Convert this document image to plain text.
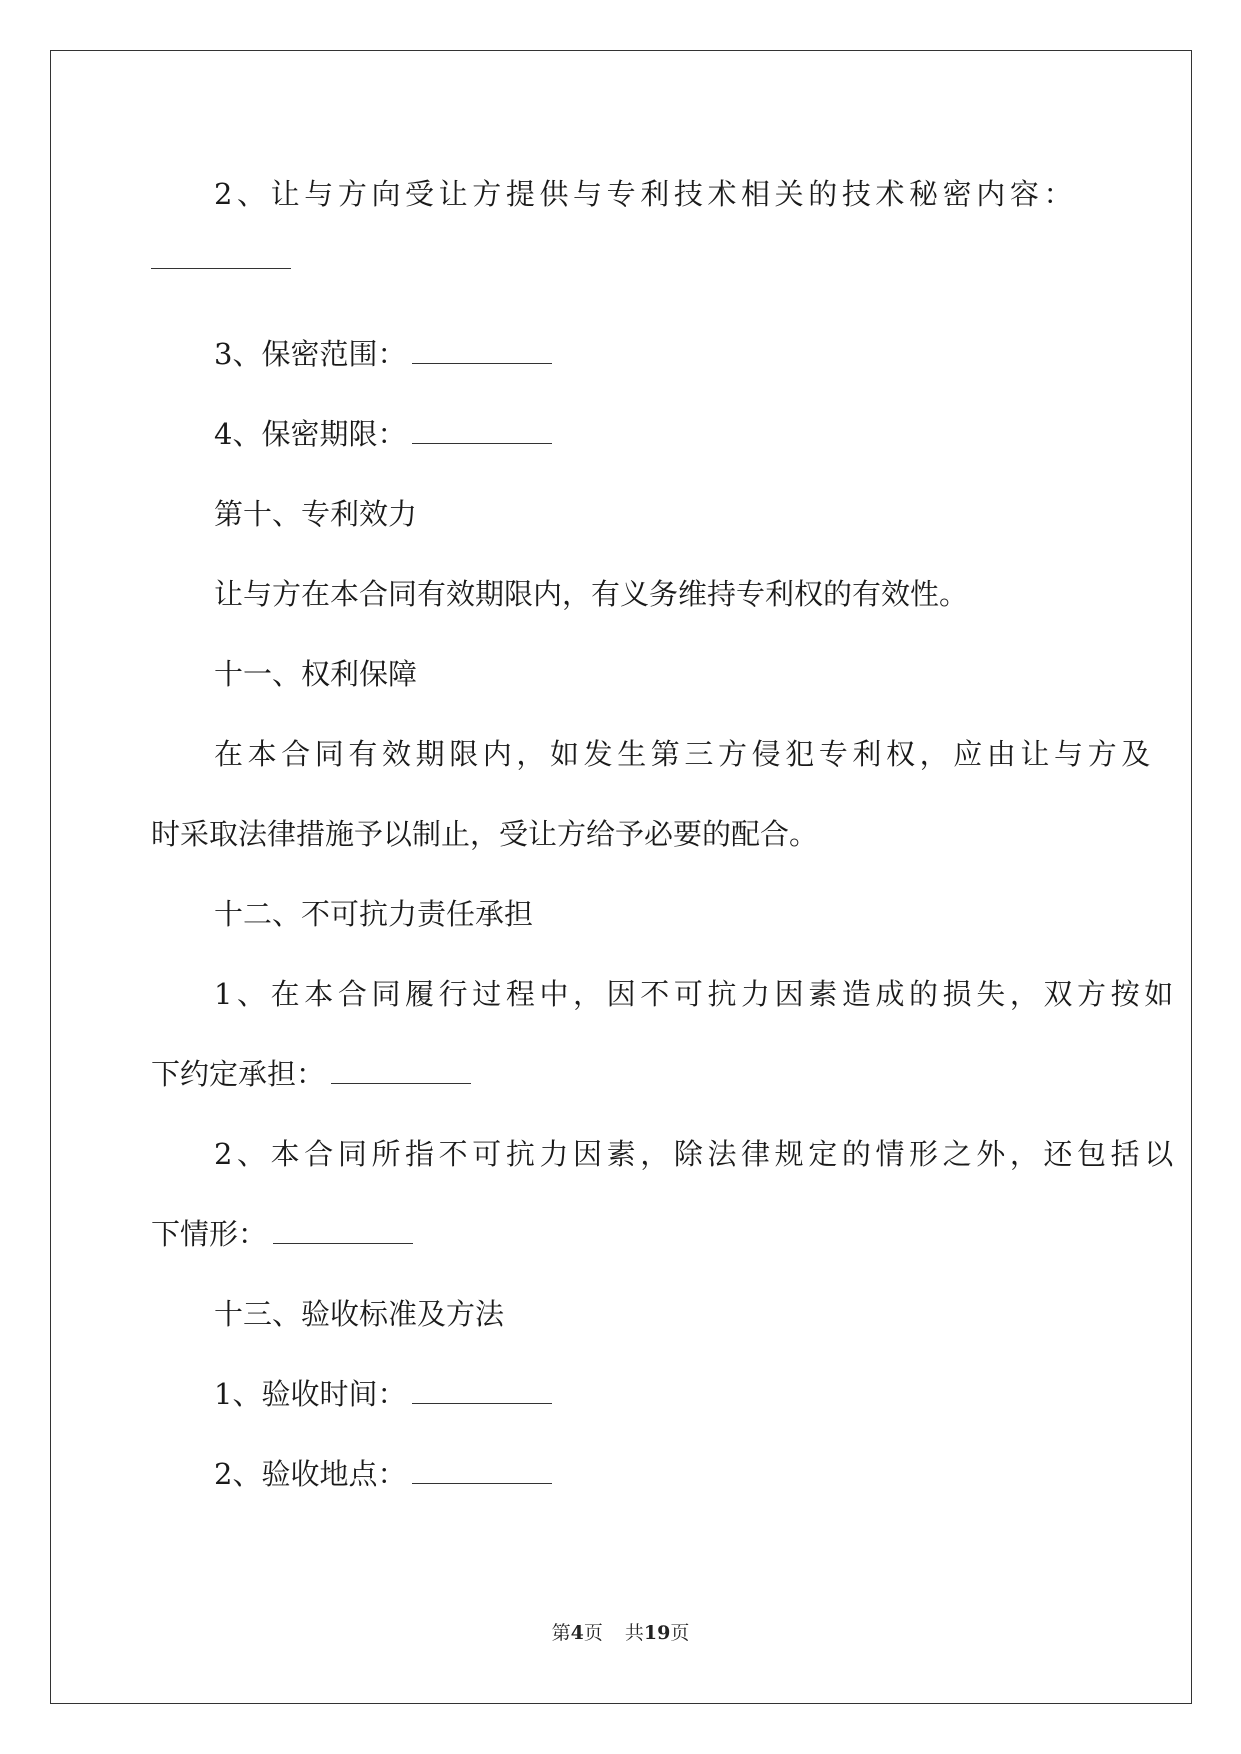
2、让与方向受让方提供与专利技术相关的技术秘密内容：
3、保密范围：
4、保密期限：
第十、专利效力
让与方在本合同有效期限内，有义务维持专利权的有效性。
十一、权利保障
在本合同有效期限内，如发生第三方侵犯专利权，应由让与方及
时采取法律措施予以制止，受让方给予必要的配合。
十二、不可抗力责任承担
1、在本合同履行过程中，因不可抗力因素造成的损失，双方按如
下约定承担：
2、本合同所指不可抗力因素，除法律规定的情形之外，还包括以
下情形：
十三、验收标准及方法
1、验收时间：
2、验收地点：
第4页 共19页
